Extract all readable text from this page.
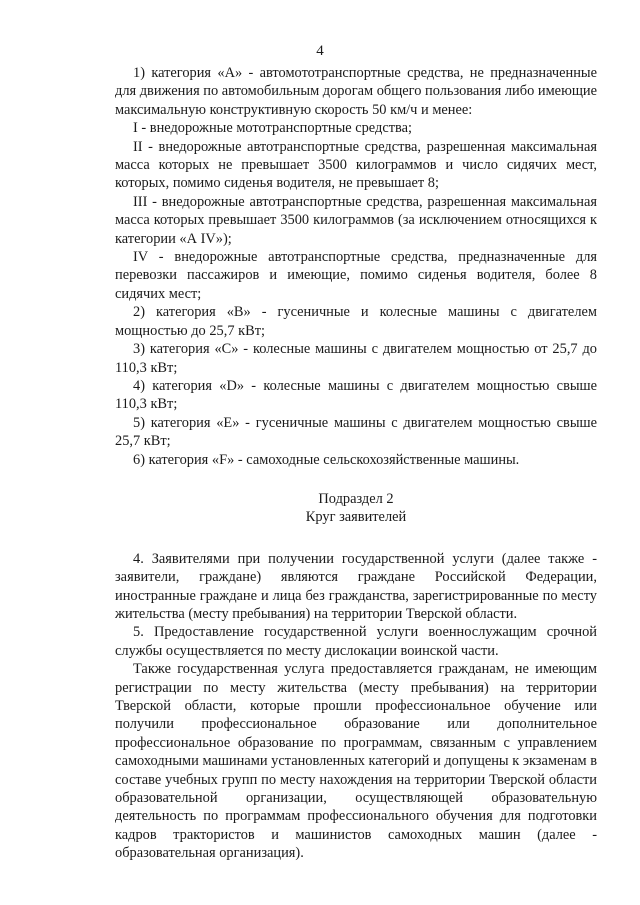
4

1) категория «А» - автомототранспортные средства, не предназначенные для движения по автомобильным дорогам общего пользования либо имеющие максимальную конструктивную скорость 50 км/ч и менее:

I - внедорожные мототранспортные средства;

II - внедорожные автотранспортные средства, разрешенная максимальная масса которых не превышает 3500 килограммов и число сидячих мест, которых, помимо сиденья водителя, не превышает 8;

III - внедорожные автотранспортные средства, разрешенная максимальная масса которых превышает 3500 килограммов (за исключением относящихся к категории «А IV»);

IV - внедорожные автотранспортные средства, предназначенные для перевозки пассажиров и имеющие, помимо сиденья водителя, более 8 сидячих мест;

2) категория «В» - гусеничные и колесные машины с двигателем мощностью до 25,7 кВт;

3) категория «С» - колесные машины с двигателем мощностью от 25,7 до 110,3 кВт;

4) категория «D» - колесные машины с двигателем мощностью свыше 110,3 кВт;

5) категория «Е» - гусеничные машины с двигателем мощностью свыше 25,7 кВт;

6) категория «F» - самоходные сельскохозяйственные машины.

Подраздел 2
Круг заявителей

4. Заявителями при получении государственной услуги (далее также - заявители, граждане) являются граждане Российской Федерации, иностранные граждане и лица без гражданства, зарегистрированные по месту жительства (месту пребывания) на территории Тверской области.

5. Предоставление государственной услуги военнослужащим срочной службы осуществляется по месту дислокации воинской части.

Также государственная услуга предоставляется гражданам, не имеющим регистрации по месту жительства (месту пребывания) на территории Тверской области, которые прошли профессиональное обучение или получили профессиональное образование или дополнительное профессиональное образование по программам, связанным с управлением самоходными машинами установленных категорий и допущены к экзаменам в составе учебных групп по месту нахождения на территории Тверской области образовательной организации, осуществляющей образовательную деятельность по программам профессионального обучения для подготовки кадров трактористов и машинистов самоходных машин (далее - образовательная организация).
